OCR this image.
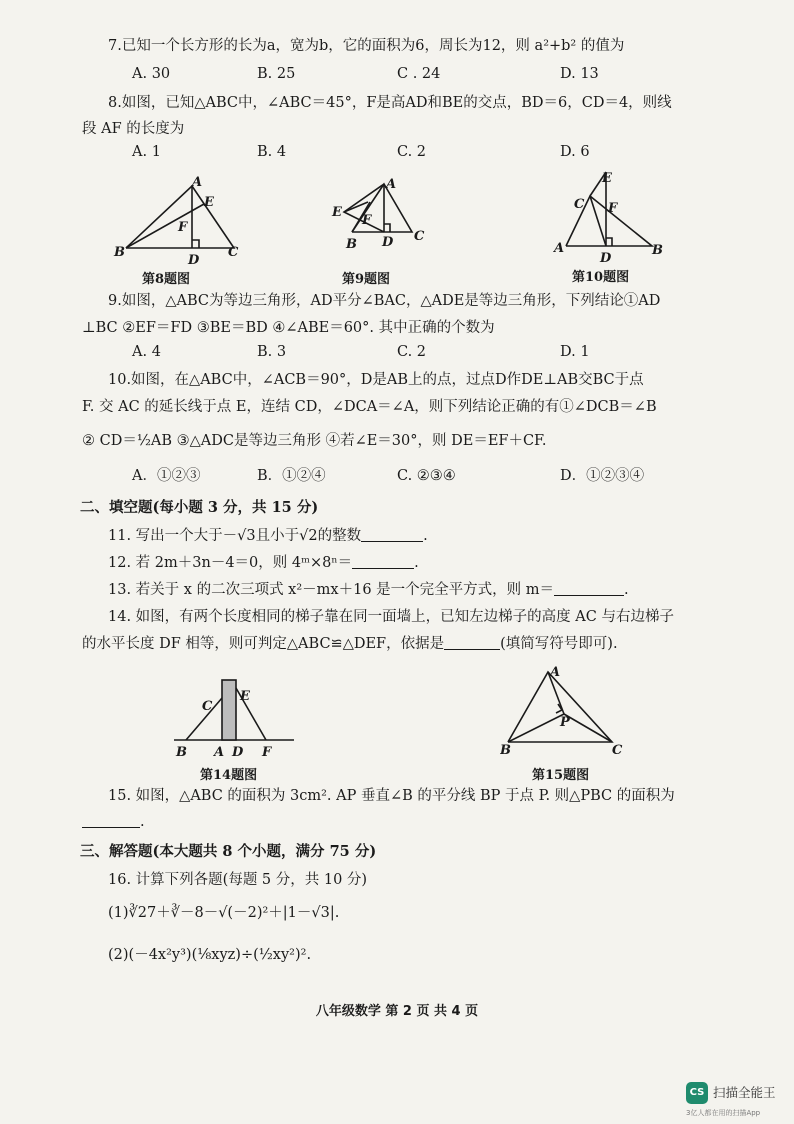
7.已知一个长方形的长为a，宽为b，它的面积为6，周长为12，则 a²+b² 的值为
A. 30	B. 25	C . 24	D. 13
8.如图，已知△ABC中，∠ABC＝45°，F是高AD和BE的交点，BD＝6，CD＝4，则线
段 AF 的长度为
A. 1	B. 4	C. 2	D. 6
A
E
F
B
D
C
第8题图
A
E
F
B D C
第9题图
E
C F
A
D
B
第10题图
9.如图，△ABC为等边三角形，AD平分∠BAC，△ADE是等边三角形，下列结论①AD
⊥BC ②EF＝FD ③BE＝BD ④∠ABE＝60°. 其中正确的个数为
A. 4	B. 3	C. 2	D. 1
10.如图，在△ABC中，∠ACB＝90°，D是AB上的点，过点D作DE⊥AB交BC于点
F. 交 AC 的延长线于点 E，连结 CD，∠DCA＝∠A，则下列结论正确的有①∠DCB＝∠B
② CD＝½AB ③△ADC是等边三角形 ④若∠E＝30°，则 DE＝EF＋CF.
A．①②③	B．①②④	C. ②③④	D．①②③④
二、填空题(每小题 3 分，共 15 分)
11. 写出一个大于－√3且小于√2的整数	.
12. 若 2m＋3n－4＝0，则 4ᵐ×8ⁿ＝	.
13. 若关于 x 的二次三项式 x²－mx＋16 是一个完全平方式，则 m＝	.
14. 如图，有两个长度相同的梯子靠在同一面墙上，已知左边梯子的高度 AC 与右边梯子
的水平长度 DF 相等，则可判定△ABC≌△DEF，依据是	(填简写符号即可).
C
E
B A D F
第14题图
A
P
B	C
第15题图
15. 如图，△ABC 的面积为 3cm². AP 垂直∠B 的平分线 BP 于点 P. 则△PBC 的面积为
.
三、解答题(本大题共 8 个小题，满分 75 分)
16. 计算下列各题(每题 5 分，共 10 分)
(1)∛27＋∛－8－√(－2)²＋|1－√3|.
(2)(－4x²y³)(⅛xyz)÷(½xy²)².
八年级数学 第 2 页 共 4 页
CS 扫描全能王
3亿人都在用的扫描App
